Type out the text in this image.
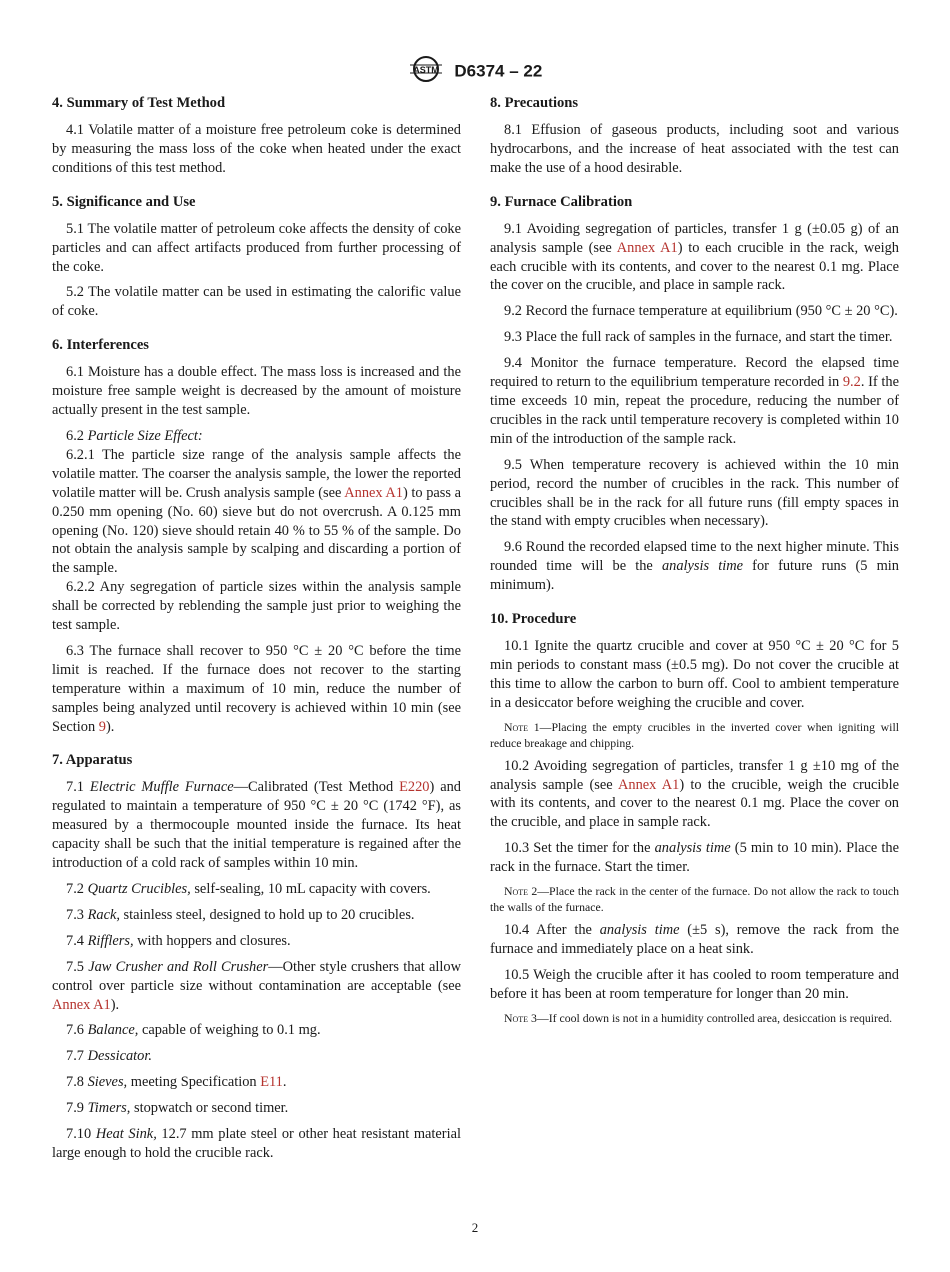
ASTM D6374 – 22
4. Summary of Test Method

4.1 Volatile matter of a moisture free petroleum coke is determined by measuring the mass loss of the coke when heated under the exact conditions of this test method.

5. Significance and Use

5.1 The volatile matter of petroleum coke affects the density of coke particles and can affect artifacts produced from further processing of the coke.

5.2 The volatile matter can be used in estimating the calorific value of coke.

6. Interferences

6.1 Moisture has a double effect. The mass loss is increased and the moisture free sample weight is decreased by the amount of moisture actually present in the test sample.

6.2 Particle Size Effect:

6.2.1 The particle size range of the analysis sample affects the volatile matter. The coarser the analysis sample, the lower the reported volatile matter will be. Crush analysis sample (see Annex A1) to pass a 0.250 mm opening (No. 60) sieve but do not overcrush. A 0.125 mm opening (No. 120) sieve should retain 40 % to 55 % of the sample. Do not obtain the analysis sample by scalping and discarding a portion of the sample.

6.2.2 Any segregation of particle sizes within the analysis sample shall be corrected by reblending the sample just prior to weighing the test sample.

6.3 The furnace shall recover to 950 °C ± 20 °C before the time limit is reached. If the furnace does not recover to the starting temperature within a maximum of 10 min, reduce the number of samples being analyzed until recovery is achieved within 10 min (see Section 9).

7. Apparatus

7.1 Electric Muffle Furnace—Calibrated (Test Method E220) and regulated to maintain a temperature of 950 °C ± 20 °C (1742 °F), as measured by a thermocouple mounted inside the furnace. Its heat capacity shall be such that the initial temperature is regained after the introduction of a cold rack of samples within 10 min.

7.2 Quartz Crucibles, self-sealing, 10 mL capacity with covers.

7.3 Rack, stainless steel, designed to hold up to 20 crucibles.

7.4 Rifflers, with hoppers and closures.

7.5 Jaw Crusher and Roll Crusher—Other style crushers that allow control over particle size without contamination are acceptable (see Annex A1).

7.6 Balance, capable of weighing to 0.1 mg.

7.7 Dessicator.

7.8 Sieves, meeting Specification E11.

7.9 Timers, stopwatch or second timer.

7.10 Heat Sink, 12.7 mm plate steel or other heat resistant material large enough to hold the crucible rack.

8. Precautions

8.1 Effusion of gaseous products, including soot and various hydrocarbons, and the increase of heat associated with the test can make the use of a hood desirable.

9. Furnace Calibration

9.1 Avoiding segregation of particles, transfer 1 g (±0.05 g) of an analysis sample (see Annex A1) to each crucible in the rack, weigh each crucible with its contents, and cover to the nearest 0.1 mg. Place the cover on the crucible, and place in sample rack.

9.2 Record the furnace temperature at equilibrium (950 °C ± 20 °C).

9.3 Place the full rack of samples in the furnace, and start the timer.

9.4 Monitor the furnace temperature. Record the elapsed time required to return to the equilibrium temperature recorded in 9.2. If the time exceeds 10 min, repeat the procedure, reducing the number of crucibles in the rack until temperature recovery is completed within 10 min of the introduction of the sample rack.

9.5 When temperature recovery is achieved within the 10 min period, record the number of crucibles in the rack. This number of crucibles shall be in the rack for all future runs (fill empty spaces in the stand with empty crucibles when necessary).

9.6 Round the recorded elapsed time to the next higher minute. This rounded time will be the analysis time for future runs (5 min minimum).

10. Procedure

10.1 Ignite the quartz crucible and cover at 950 °C ± 20 °C for 5 min periods to constant mass (±0.5 mg). Do not cover the crucible at this time to allow the carbon to burn off. Cool to ambient temperature in a desiccator before weighing the crucible and cover.

Note 1—Placing the empty crucibles in the inverted cover when igniting will reduce breakage and chipping.

10.2 Avoiding segregation of particles, transfer 1 g ±10 mg of the analysis sample (see Annex A1) to the crucible, weigh the crucible with its contents, and cover to the nearest 0.1 mg. Place the cover on the crucible, and place in sample rack.

10.3 Set the timer for the analysis time (5 min to 10 min). Place the rack in the furnace. Start the timer.

Note 2—Place the rack in the center of the furnace. Do not allow the rack to touch the walls of the furnace.

10.4 After the analysis time (±5 s), remove the rack from the furnace and immediately place on a heat sink.

10.5 Weigh the crucible after it has cooled to room temperature and before it has been at room temperature for longer than 20 min.

Note 3—If cool down is not in a humidity controlled area, desiccation is required.
2
